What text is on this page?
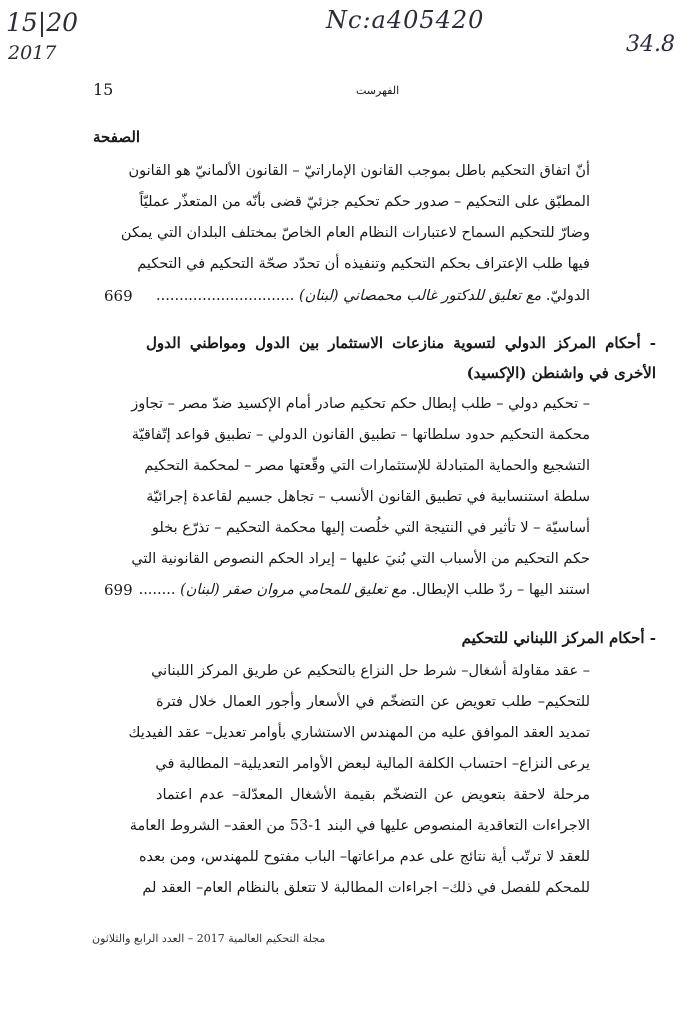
15|20
2017
Nc:a405420
34.8
15	الفهرست
الصفحة
أنّ اتفاق التحكيم باطل بموجب القانون الإماراتيّ – القانون الألمانيّ هو القانون
المطبّق على التحكيم – صدور حكم تحكيم جزئيّ قضى بأنّه من المتعذّر عمليّاً
وضارّ للتحكيم السماح لاعتبارات النظام العام الخاصّ بمختلف البلدان التي يمكن
فيها طلب الإعتراف بحكم التحكيم وتنفيذه أن تحدّد صحّة التحكيم في التحكيم
الدوليّ. مع تعليق للدكتور غالب محمصاني (لبنان) ..............................
669
- أحكام المركز الدولي لتسوية منازعات الاستثمار بين الدول ومواطني الدول
الأخرى في واشنطن (الإكسيد)
– تحكيم دولي – طلب إبطال حكم تحكيم صادر أمام الإكسيد ضدّ مصر – تجاوز
محكمة التحكيم حدود سلطاتها – تطبيق القانون الدولي – تطبيق قواعد إتّفاقيّة
التشجيع والحماية المتبادلة للإستثمارات التي وقّعتها مصر – لمحكمة التحكيم
سلطة استنسابية في تطبيق القانون الأنسب – تجاهل جسيم لقاعدة إجرائيّة
أساسيّة – لا تأثير في النتيجة التي خلُصت إليها محكمة التحكيم – تذرّع بخلو
حكم التحكيم من الأسباب التي بُنيَ عليها – إيراد الحكم النصوص القانونية التي
استند اليها – ردّ طلب الإبطال. مع تعليق للمحامي مروان صقر (لبنان) ........
699
- أحكام المركز اللبناني للتحكيم
– عقد مقاولة أشغال– شرط حل النزاع بالتحكيم عن طريق المركز اللبناني
للتحكيم– طلب تعويض عن التضخّم في الأسعار وأجور العمال خلال فترة
تمديد العقد الموافق عليه من المهندس الاستشاري بأوامر تعديل– عقد الفيديك
يرعى النزاع– احتساب الكلفة المالية لبعض الأوامر التعديلية– المطالبة في
مرحلة لاحقة بتعويض عن التضخّم بقيمة الأشغال المعدّلة– عدم اعتماد
الاجراءات التعاقدية المنصوص عليها في البند 1-53 من العقد– الشروط العامة
للعقد لا ترتّب أية نتائج على عدم مراعاتها– الباب مفتوح للمهندس، ومن بعده
للمحكم للفصل في ذلك– اجراءات المطالبة لا تتعلق بالنظام العام– العقد لم
مجلة التحكيم العالمية 2017 – العدد الرابع والثلاثون
